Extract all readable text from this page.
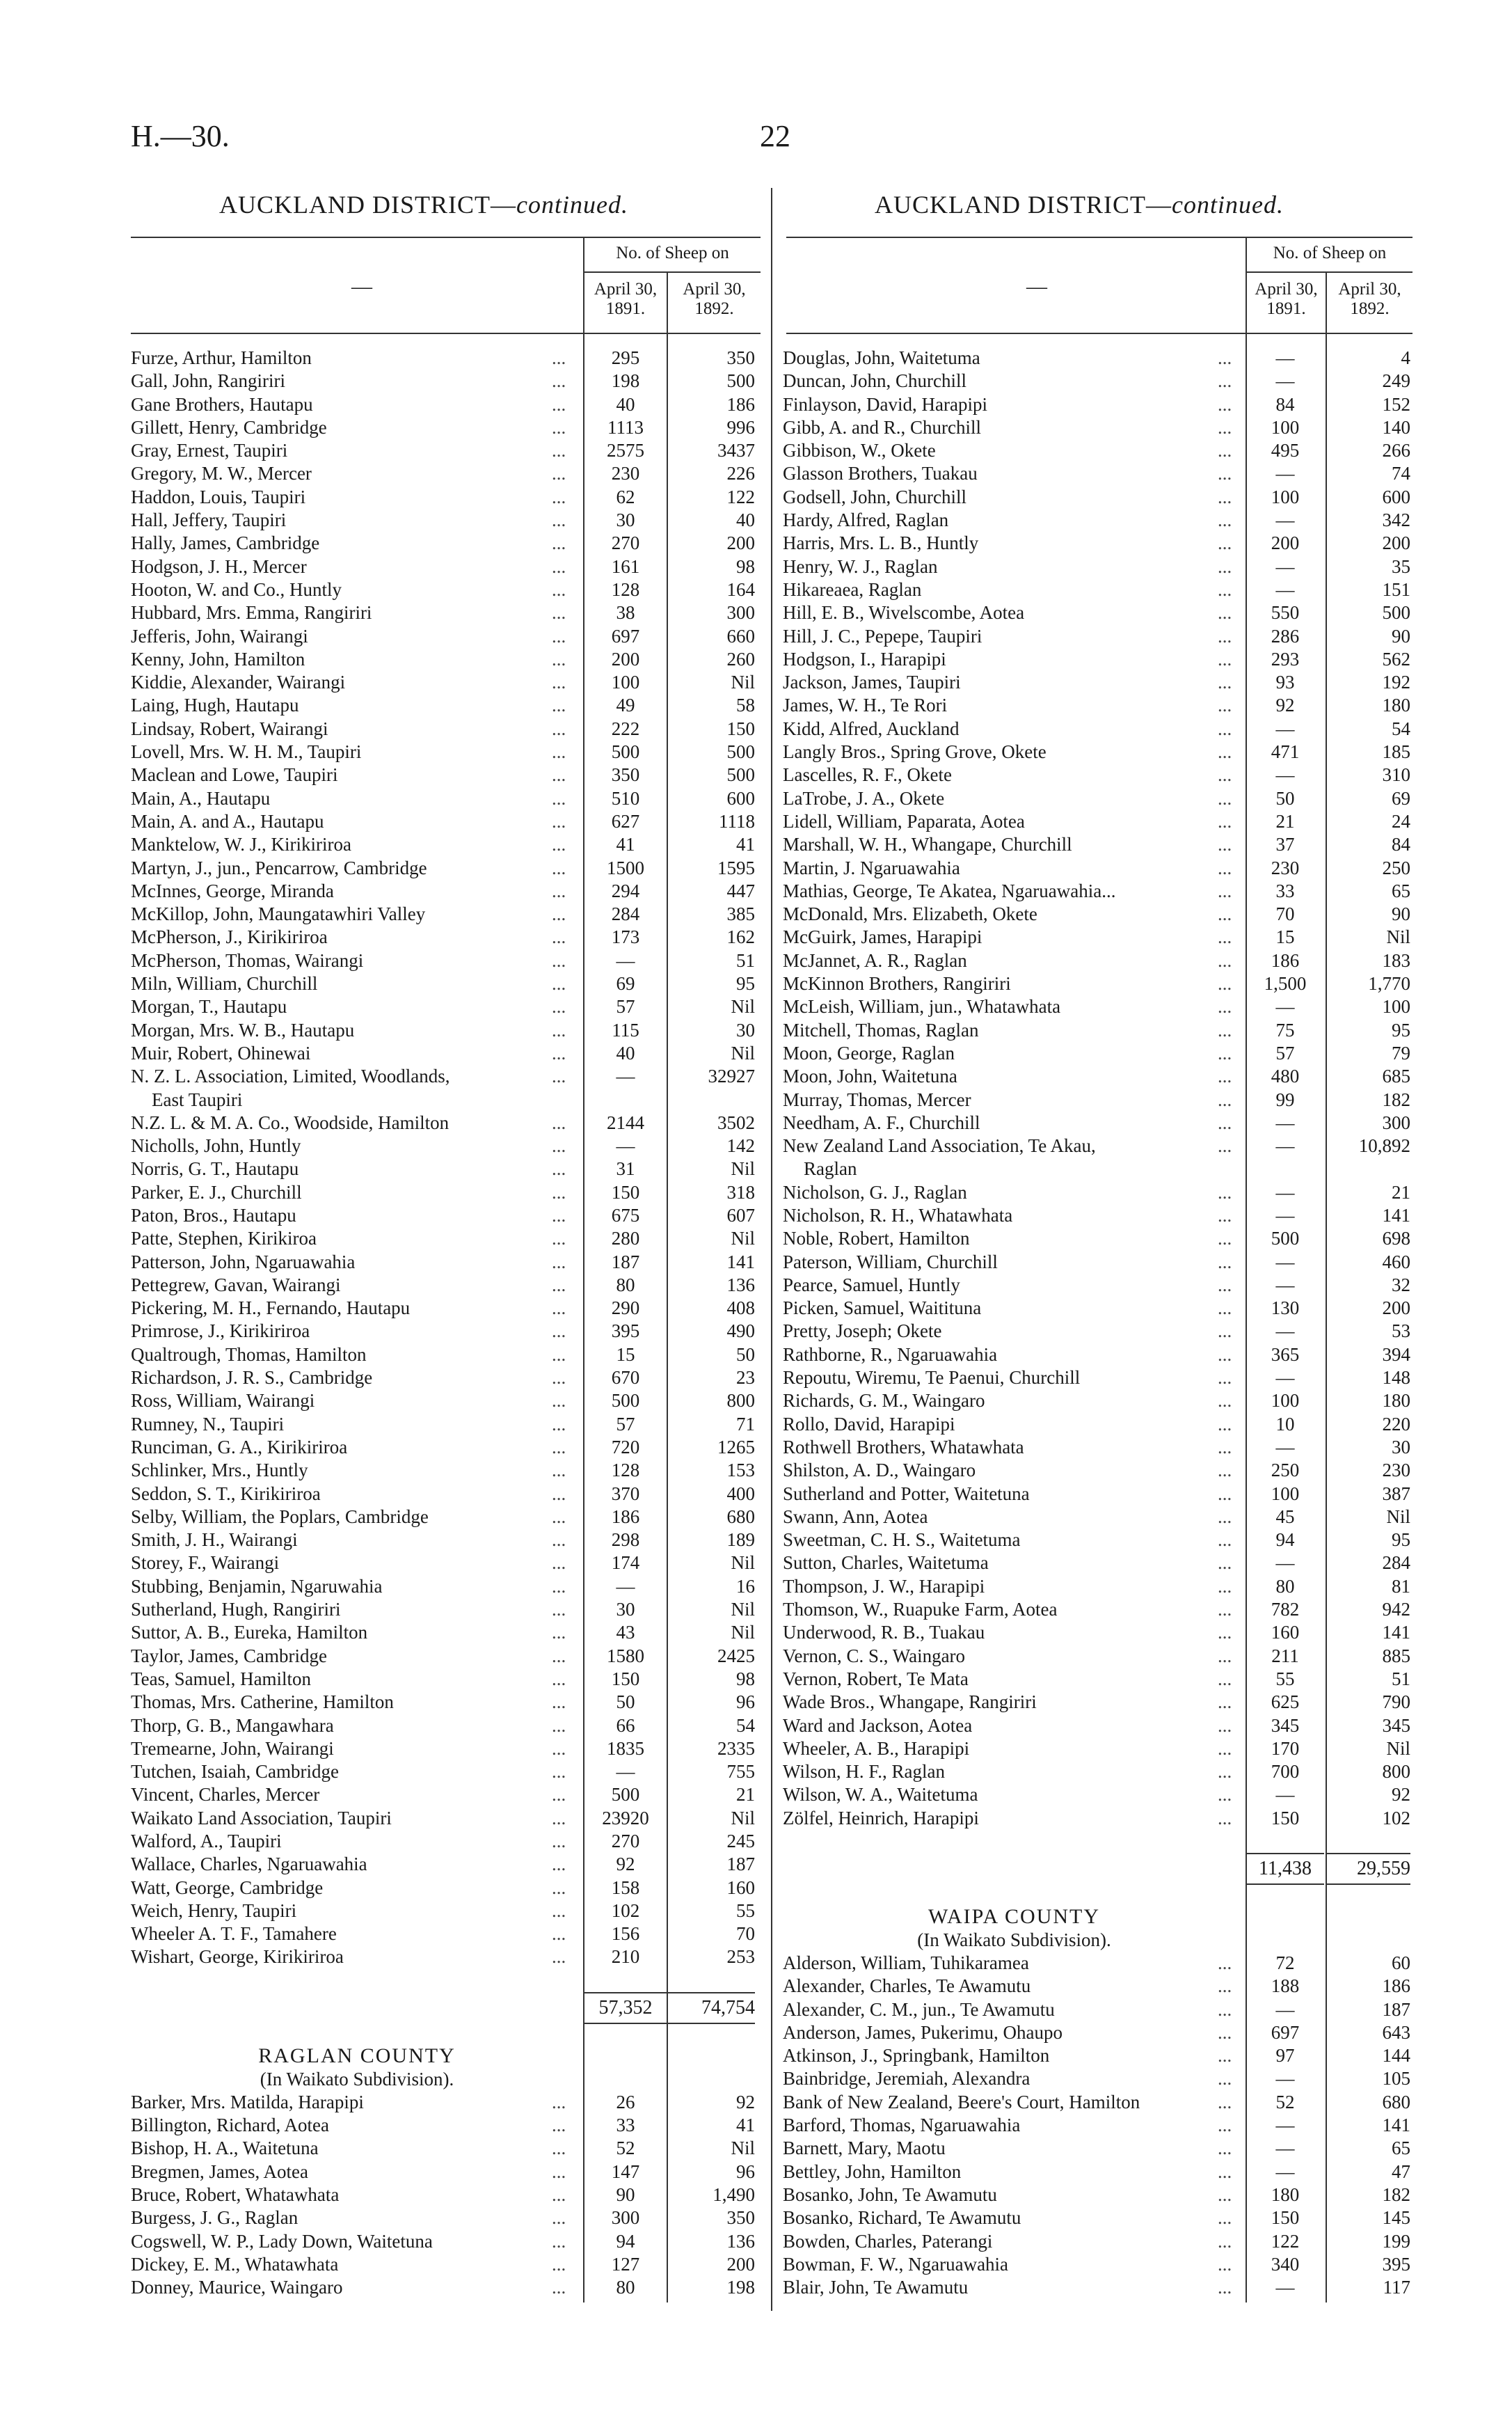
H.—30.	22
AUCKLAND DISTRICT—continued.	AUCKLAND DISTRICT—continued.
No. of Sheep on
April 30, 1891.
April 30, 1892.
—
No. of Sheep on
April 30, 1891.
April 30, 1892.
—
Furze, Arthur, Hamilton	...	295	350
Gall, John, Rangiriri	...	198	500
Gane Brothers, Hautapu	...	40	186
Gillett, Henry, Cambridge	...	1113	996
Gray, Ernest, Taupiri	...	2575	3437
Gregory, M. W., Mercer	...	230	226
Haddon, Louis, Taupiri	...	62	122
Hall, Jeffery, Taupiri	...	30	40
Hally, James, Cambridge	...	270	200
Hodgson, J. H., Mercer	...	161	98
Hooton, W. and Co., Huntly	...	128	164
Hubbard, Mrs. Emma, Rangiriri	...	38	300
Jefferis, John, Wairangi	...	697	660
Kenny, John, Hamilton	...	200	260
Kiddie, Alexander, Wairangi	...	100	Nil
Laing, Hugh, Hautapu	...	49	58
Lindsay, Robert, Wairangi	...	222	150
Lovell, Mrs. W. H. M., Taupiri	...	500	500
Maclean and Lowe, Taupiri	...	350	500
Main, A., Hautapu	...	510	600
Main, A. and A., Hautapu	...	627	1118
Manktelow, W. J., Kirikiriroa	...	41	41
Martyn, J., jun., Pencarrow, Cambridge	...	1500	1595
McInnes, George, Miranda	...	294	447
McKillop, John, Maungatawhiri Valley	...	284	385
McPherson, J., Kirikiriroa	...	173	162
McPherson, Thomas, Wairangi	...	—	51
Miln, William, Churchill	...	69	95
Morgan, T., Hautapu	...	57	Nil
Morgan, Mrs. W. B., Hautapu	...	115	30
Muir, Robert, Ohinewai	...	40	Nil
N. Z. L. Association, Limited, Woodlands,	...	—	32927
East Taupiri
N.Z. L. & M. A. Co., Woodside, Hamilton	...	2144	3502
Nicholls, John, Huntly	...	—	142
Norris, G. T., Hautapu	...	31	Nil
Parker, E. J., Churchill	...	150	318
Paton, Bros., Hautapu	...	675	607
Patte, Stephen, Kirikiroa	...	280	Nil
Patterson, John, Ngaruawahia	...	187	141
Pettegrew, Gavan, Wairangi	...	80	136
Pickering, M. H., Fernando, Hautapu	...	290	408
Primrose, J., Kirikiriroa	...	395	490
Qualtrough, Thomas, Hamilton	...	15	50
Richardson, J. R. S., Cambridge	...	670	23
Ross, William, Wairangi	...	500	800
Rumney, N., Taupiri	...	57	71
Runciman, G. A., Kirikiriroa	...	720	1265
Schlinker, Mrs., Huntly	...	128	153
Seddon, S. T., Kirikiriroa	...	370	400
Selby, William, the Poplars, Cambridge	...	186	680
Smith, J. H., Wairangi	...	298	189
Storey, F., Wairangi	...	174	Nil
Stubbing, Benjamin, Ngaruwahia	...	—	16
Sutherland, Hugh, Rangiriri	...	30	Nil
Suttor, A. B., Eureka, Hamilton	...	43	Nil
Taylor, James, Cambridge	...	1580	2425
Teas, Samuel, Hamilton	...	150	98
Thomas, Mrs. Catherine, Hamilton	...	50	96
Thorp, G. B., Mangawhara	...	66	54
Tremearne, John, Wairangi	...	1835	2335
Tutchen, Isaiah, Cambridge	...	—	755
Vincent, Charles, Mercer	...	500	21
Waikato Land Association, Taupiri	...	23920	Nil
Walford, A., Taupiri	...	270	245
Wallace, Charles, Ngaruawahia	...	92	187
Watt, George, Cambridge	...	158	160
Weich, Henry, Taupiri	...	102	55
Wheeler A. T. F., Tamahere	...	156	70
Wishart, George, Kirikiriroa	...	210	253
57,352	74,754
RAGLAN COUNTY
(In Waikato Subdivision).
Barker, Mrs. Matilda, Harapipi	...	26	92
Billington, Richard, Aotea	...	33	41
Bishop, H. A., Waitetuna	...	52	Nil
Bregmen, James, Aotea	...	147	96
Bruce, Robert, Whatawhata	...	90	1,490
Burgess, J. G., Raglan	...	300	350
Cogswell, W. P., Lady Down, Waitetuna	...	94	136
Dickey, E. M., Whatawhata	...	127	200
Donney, Maurice, Waingaro	...	80	198
Douglas, John, Waitetuma	...	—	4
Duncan, John, Churchill	...	—	249
Finlayson, David, Harapipi	...	84	152
Gibb, A. and R., Churchill	...	100	140
Gibbison, W., Okete	...	495	266
Glasson Brothers, Tuakau	...	—	74
Godsell, John, Churchill	...	100	600
Hardy, Alfred, Raglan	...	—	342
Harris, Mrs. L. B., Huntly	...	200	200
Henry, W. J., Raglan	...	—	35
Hikareaea, Raglan	...	—	151
Hill, E. B., Wivelscombe, Aotea	...	550	500
Hill, J. C., Pepepe, Taupiri	...	286	90
Hodgson, I., Harapipi	...	293	562
Jackson, James, Taupiri	...	93	192
James, W. H., Te Rori	...	92	180
Kidd, Alfred, Auckland	...	—	54
Langly Bros., Spring Grove, Okete	...	471	185
Lascelles, R. F., Okete	...	—	310
LaTrobe, J. A., Okete	...	50	69
Lidell, William, Paparata, Aotea	...	21	24
Marshall, W. H., Whangape, Churchill	...	37	84
Martin, J. Ngaruawahia	...	230	250
Mathias, George, Te Akatea, Ngaruawahia...	...	33	65
McDonald, Mrs. Elizabeth, Okete	...	70	90
McGuirk, James, Harapipi	...	15	Nil
McJannet, A. R., Raglan	...	186	183
McKinnon Brothers, Rangiriri	...	1,500	1,770
McLeish, William, jun., Whatawhata	...	—	100
Mitchell, Thomas, Raglan	...	75	95
Moon, George, Raglan	...	57	79
Moon, John, Waitetuna	...	480	685
Murray, Thomas, Mercer	...	99	182
Needham, A. F., Churchill	...	—	300
New Zealand Land Association, Te Akau,	...	—	10,892
Raglan
Nicholson, G. J., Raglan	...	—	21
Nicholson, R. H., Whatawhata	...	—	141
Noble, Robert, Hamilton	...	500	698
Paterson, William, Churchill	...	—	460
Pearce, Samuel, Huntly	...	—	32
Picken, Samuel, Waititunа	...	130	200
Pretty, Joseph; Okete	...	—	53
Rathborne, R., Ngaruawahia	...	365	394
Repoutu, Wiremu, Te Paenui, Churchill	...	—	148
Richards, G. M., Waingaro	...	100	180
Rollo, David, Harapipi	...	10	220
Rothwell Brothers, Whatawhata	...	—	30
Shilston, A. D., Waingaro	...	250	230
Sutherland and Potter, Waitetuna	...	100	387
Swann, Ann, Aotea	...	45	Nil
Sweetman, C. H. S., Waitetuma	...	94	95
Sutton, Charles, Waitetuma	...	—	284
Thompson, J. W., Harapipi	...	80	81
Thomson, W., Ruapuke Farm, Aotea	...	782	942
Underwood, R. B., Tuakau	...	160	141
Vernon, C. S., Waingaro	...	211	885
Vernon, Robert, Te Mata	...	55	51
Wade Bros., Whangape, Rangiriri	...	625	790
Ward and Jackson, Aotea	...	345	345
Wheeler, A. B., Harapipi	...	170	Nil
Wilson, H. F., Raglan	...	700	800
Wilson, W. A., Waitetuma	...	—	92
Zölfel, Heinrich, Harapipi	...	150	102
11,438	29,559
WAIPA COUNTY
(In Waikato Subdivision).
Alderson, William, Tuhikaramea	...	72	60
Alexander, Charles, Te Awamutu	...	188	186
Alexander, C. M., jun., Te Awamutu	...	—	187
Anderson, James, Pukerimu, Ohaupo	...	697	643
Atkinson, J., Springbank, Hamilton	...	97	144
Bainbridge, Jeremiah, Alexandra	...	—	105
Bank of New Zealand, Beere's Court, Hamilton	...	52	680
Barford, Thomas, Ngaruawahia	...	—	141
Barnett, Mary, Maotu	...	—	65
Bettley, John, Hamilton	...	—	47
Bosanko, John, Te Awamutu	...	180	182
Bosanko, Richard, Te Awamutu	...	150	145
Bowden, Charles, Paterangi	...	122	199
Bowman, F. W., Ngaruawahia	...	340	395
Blair, John, Te Awamutu	...	—	117
